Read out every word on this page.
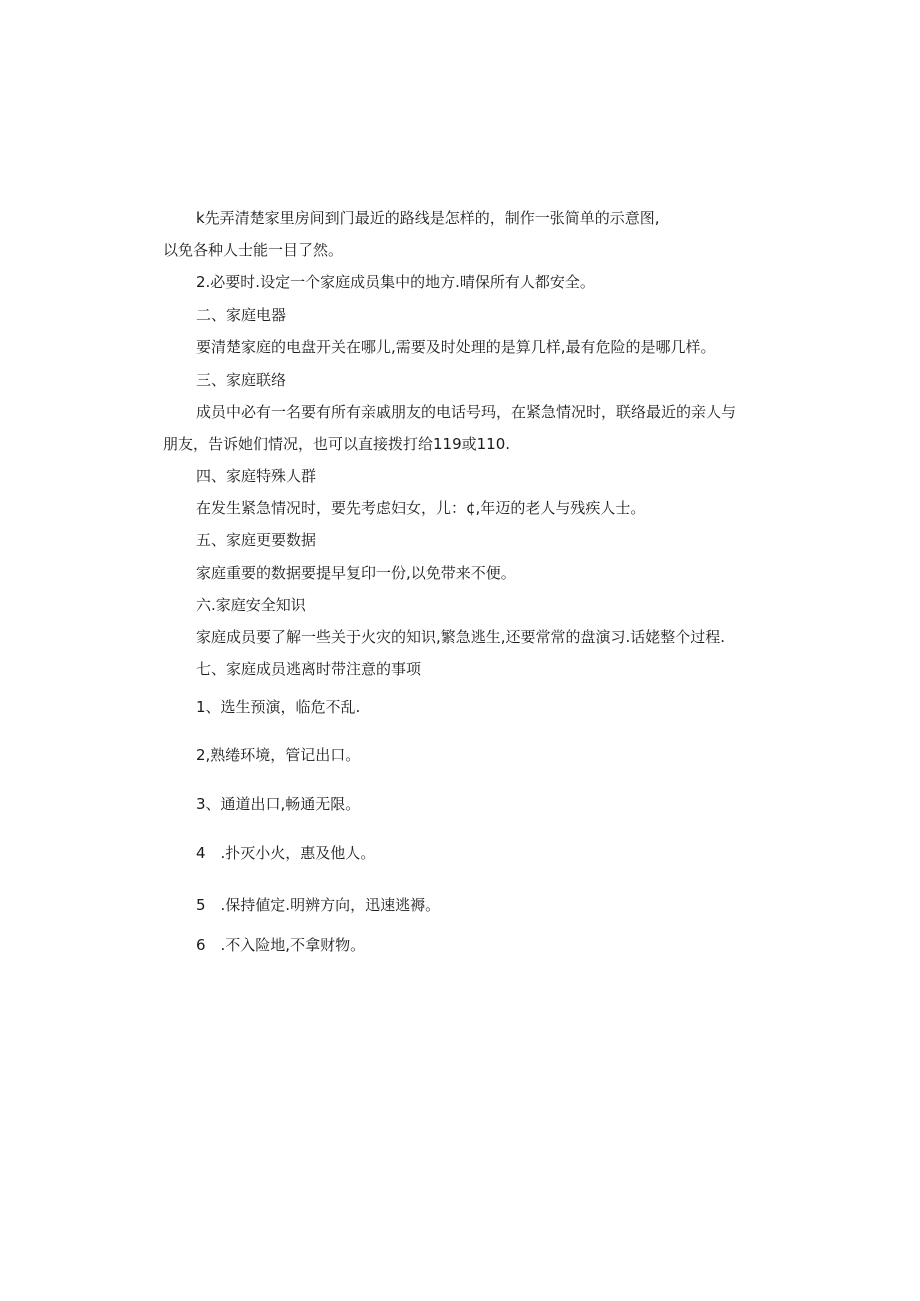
k先弄清楚家里房间到门最近的路线是怎样的，制作一张简单的示意图,
以免各种人士能一目了然。
2.必要时.设定一个家庭成员集中的地方.晴保所有人都安全。
二、家庭电器
要清楚家庭的电盘开关在哪儿,需要及时处理的是算几样,最有危险的是哪几样。
三、家庭联络
成员中必有一名要有所有亲戚朋友的电话号玛，在紧急情况时，联络最近的亲人与
朋友，告诉她们情况，也可以直接拨打给119或110.
四、家庭特殊人群
在发生紧急情况时，要先考虑妇女，儿：¢,年迈的老人与残疾人士。
五、家庭更要数据
家庭重要的数据要提早复印一份,以免带来不便。
六.家庭安全知识
家庭成员要了解一些关于火灾的知识,繁急逃生,还要常常的盘演习.话姥整个过程.
七、家庭成员逃离时带注意的事项
1、选生预演，临危不乱.
2,熟绻环境，管记出口。
3、通道出口,畅通无限。
4　.扑灭小火，惠及他人。
5　.保持値定.明辨方向，迅速逃褥。
6　.不入险地,不拿财物。
